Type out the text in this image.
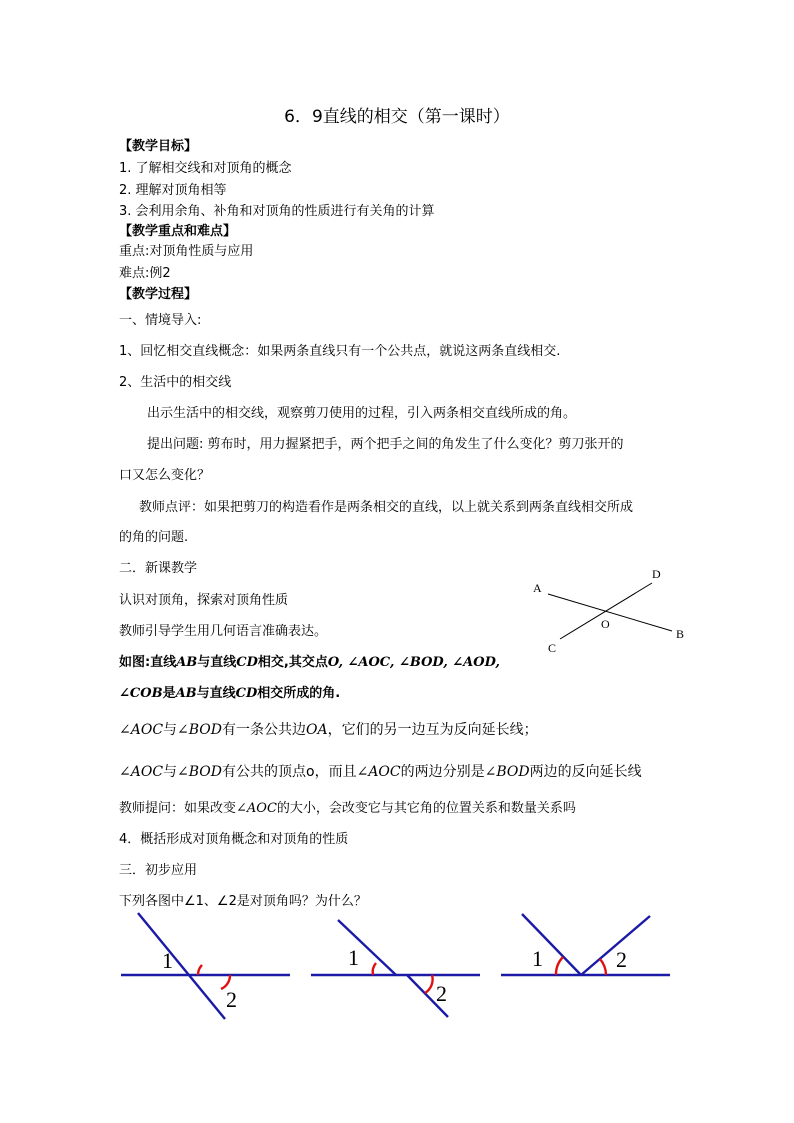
6．9直线的相交（第一课时）
【教学目标】
1. 了解相交线和对顶角的概念
2. 理解对顶角相等
3. 会利用余角、补角和对顶角的性质进行有关角的计算
【教学重点和难点】
重点:对顶角性质与应用
难点:例2
【教学过程】
一、情境导入:
1、回忆相交直线概念：如果两条直线只有一个公共点，就说这两条直线相交.
2、生活中的相交线
出示生活中的相交线，观察剪刀使用的过程，引入两条相交直线所成的角。
提出问题: 剪布时，用力握紧把手，两个把手之间的角发生了什么变化？剪刀张开的
口又怎么变化？
教师点评：如果把剪刀的构造看作是两条相交的直线，以上就关系到两条直线相交所成
的角的问题.
二．新课教学
认识对顶角，探索对顶角性质
教师引导学生用几何语言准确表达。
如图:直线AB与直线CD相交,其交点O, ∠AOC, ∠BOD, ∠AOD,
∠COB是AB与直线CD相交所成的角.
∠AOC与∠BOD有一条公共边OA，它们的另一边互为反向延长线；
∠AOC与∠BOD有公共的顶点o，而且∠AOC的两边分别是∠BOD两边的反向延长线
教师提问：如果改变∠AOC的大小，会改变它与其它角的位置关系和数量关系吗
4．概括形成对顶角概念和对顶角的性质
三．初步应用
下列各图中∠1、∠2是对顶角吗？为什么？
A
D
O
B
C
1
2
1
2
1	2
